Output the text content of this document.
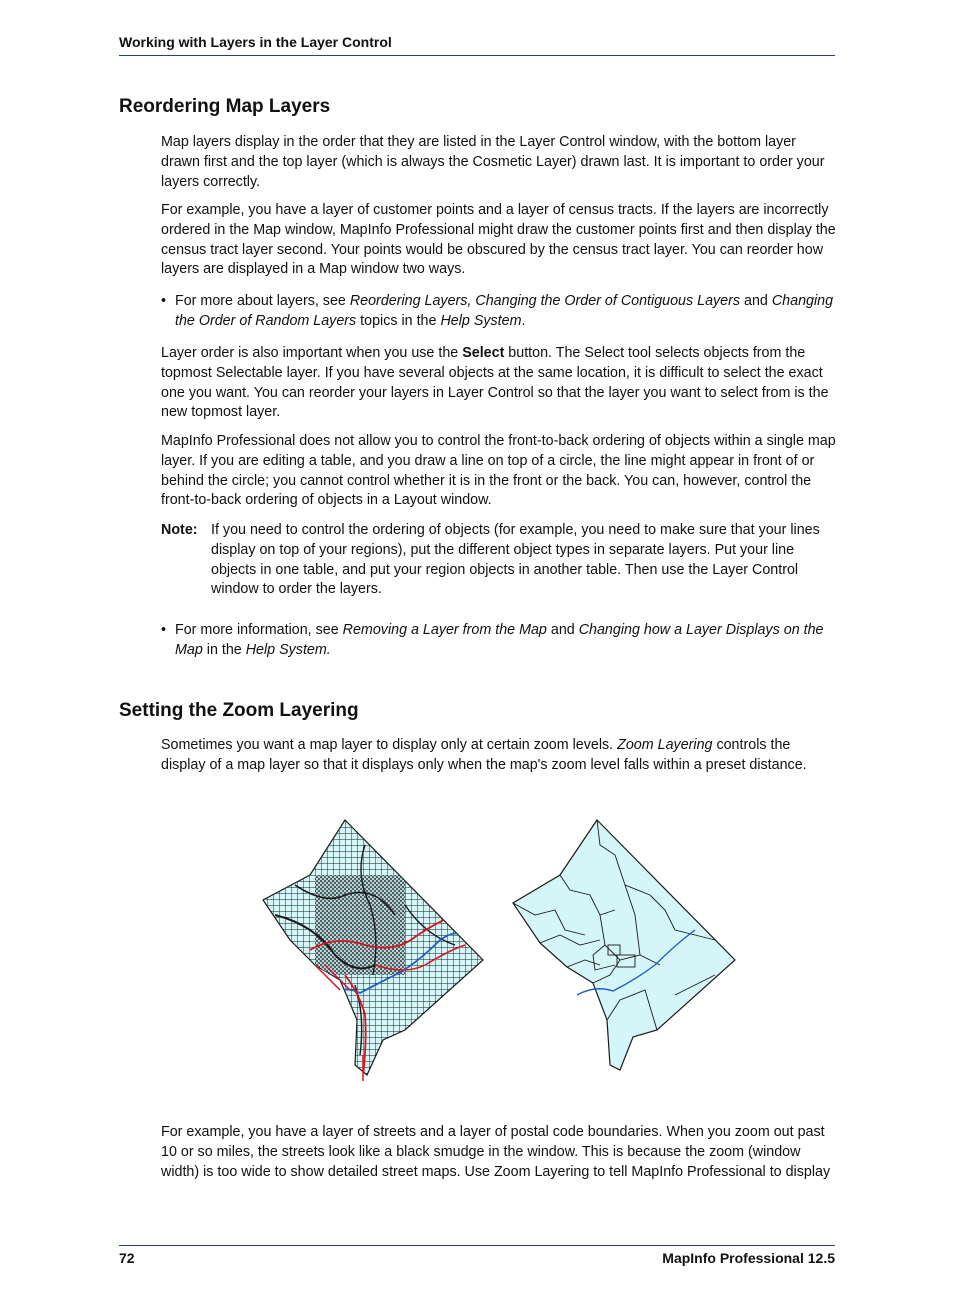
Working with Layers in the Layer Control
Reordering Map Layers

Map layers display in the order that they are listed in the Layer Control window, with the bottom layer drawn first and the top layer (which is always the Cosmetic Layer) drawn last. It is important to order your layers correctly.

For example, you have a layer of customer points and a layer of census tracts. If the layers are incorrectly ordered in the Map window, MapInfo Professional might draw the customer points first and then display the census tract layer second. Your points would be obscured by the census tract layer. You can reorder how layers are displayed in a Map window two ways.

• For more about layers, see Reordering Layers, Changing the Order of Contiguous Layers and Changing the Order of Random Layers topics in the Help System.

Layer order is also important when you use the Select button. The Select tool selects objects from the topmost Selectable layer. If you have several objects at the same location, it is difficult to select the exact one you want. You can reorder your layers in Layer Control so that the layer you want to select from is the new topmost layer.

MapInfo Professional does not allow you to control the front-to-back ordering of objects within a single map layer. If you are editing a table, and you draw a line on top of a circle, the line might appear in front of or behind the circle; you cannot control whether it is in the front or the back. You can, however, control the front-to-back ordering of objects in a Layout window.

Note: If you need to control the ordering of objects (for example, you need to make sure that your lines display on top of your regions), put the different object types in separate layers. Put your line objects in one table, and put your region objects in another table. Then use the Layer Control window to order the layers.
• For more information, see Removing a Layer from the Map and Changing how a Layer Displays on the Map in the Help System.
Setting the Zoom Layering

Sometimes you want a map layer to display only at certain zoom levels. Zoom Layering controls the display of a map layer so that it displays only when the map's zoom level falls within a preset distance.

For example, you have a layer of streets and a layer of postal code boundaries. When you zoom out past 10 or so miles, the streets look like a black smudge in the window. This is because the zoom (window width) is too wide to show detailed street maps. Use Zoom Layering to tell MapInfo Professional to display

72	MapInfo Professional 12.5
